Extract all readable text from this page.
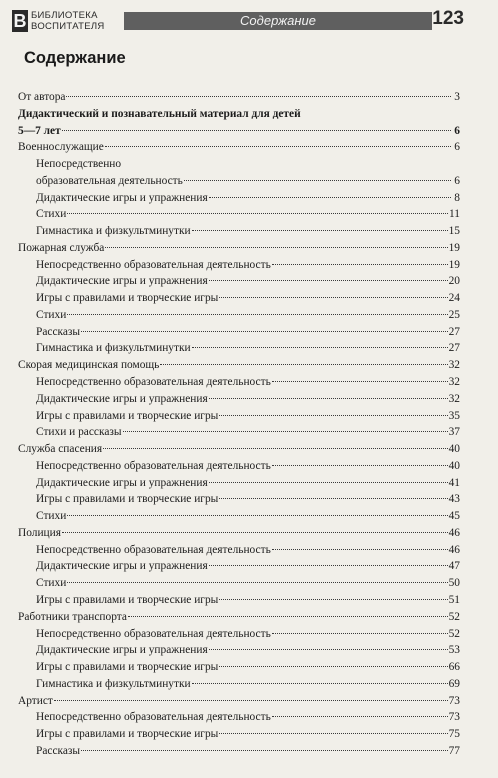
В БИБЛИОТЕКА
ВОСПИТАТЕЛЯ	Содержание	123
Содержание
От автора	3
Дидактический и познавательный материал для детей
5—7 лет	6
Военнослужащие	6
Непосредственно
образовательная деятельность	6
Дидактические игры и упражнения	8
Стихи	11
Гимнастика и физкультминутки	15
Пожарная служба	19
Непосредственно образовательная деятельность	19
Дидактические игры и упражнения	20
Игры с правилами и творческие игры	24
Стихи	25
Рассказы	27
Гимнастика и физкультминутки	27
Скорая медицинская помощь	32
Непосредственно образовательная деятельность	32
Дидактические игры и упражнения	32
Игры с правилами и творческие игры	35
Стихи и рассказы	37
Служба спасения	40
Непосредственно образовательная деятельность	40
Дидактические игры и упражнения	41
Игры с правилами и творческие игры	43
Стихи	45
Полиция	46
Непосредственно образовательная деятельность	46
Дидактические игры и упражнения	47
Стихи	50
Игры с правилами и творческие игры	51
Работники транспорта	52
Непосредственно образовательная деятельность	52
Дидактические игры и упражнения	53
Игры с правилами и творческие игры	66
Гимнастика и физкультминутки	69
Артист	73
Непосредственно образовательная деятельность	73
Игры с правилами и творческие игры	75
Рассказы	77
